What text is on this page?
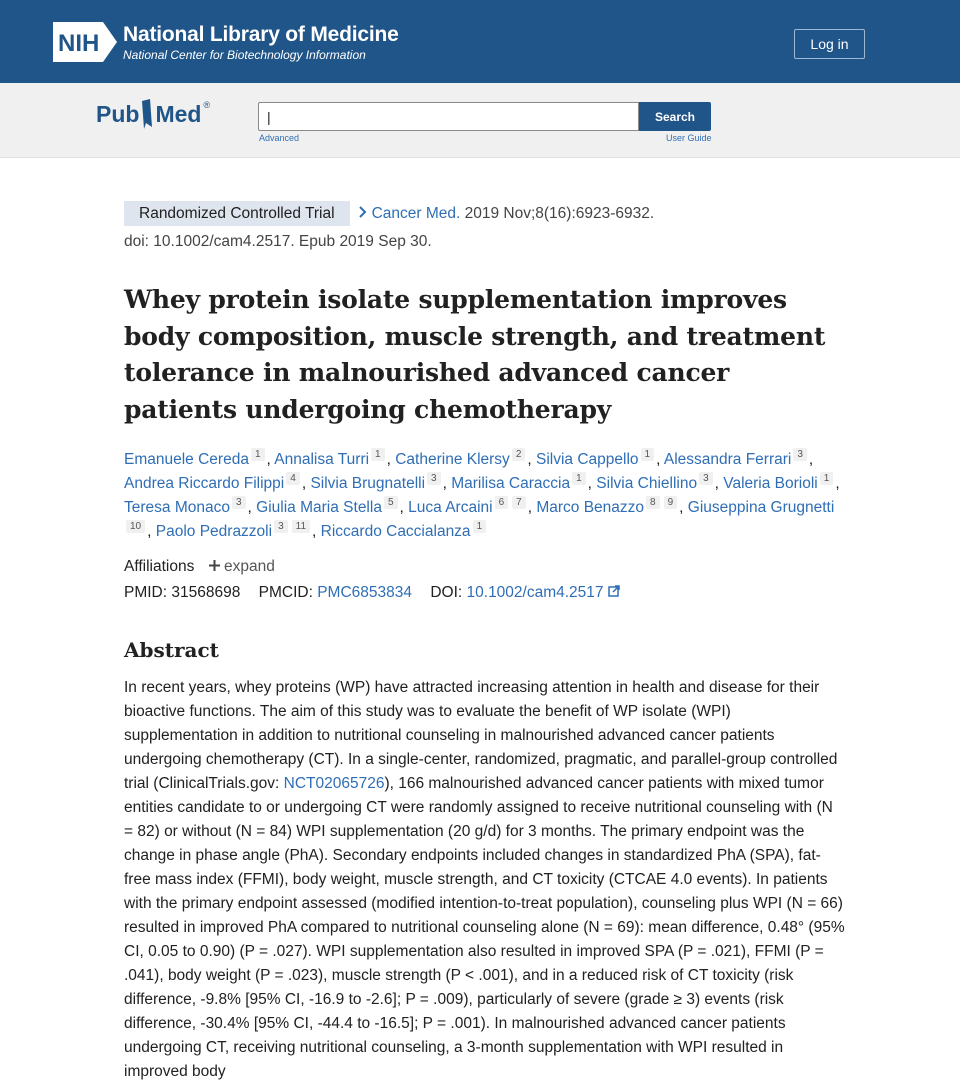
NIH National Library of Medicine
National Center for Biotechnology Information
Log in
Pub Med ®
|	Search
Advanced	User Guide
Randomized Controlled Trial Cancer Med. 2019 Nov;8(16):6923-6932.
doi: 10.1002/cam4.2517. Epub 2019 Sep 30.
Whey protein isolate supplementation improves body composition, muscle strength, and treatment tolerance in malnourished advanced cancer patients undergoing chemotherapy
Emanuele Cereda 1 , Annalisa Turri 1 , Catherine Klersy 2 , Silvia Cappello 1 , Alessandra Ferrari 3 , Andrea Riccardo Filippi 4 , Silvia Brugnatelli 3 , Marilisa Caraccia 1 , Silvia Chiellino 3 , Valeria Borioli 1 , Teresa Monaco 3 , Giulia Maria Stella 5 , Luca Arcaini 6 7 , Marco Benazzo 8 9 , Giuseppina Grugnetti10 , Paolo Pedrazzoli 3 11 , Riccardo Caccialanza 1
Affiliations expand
PMID: 31568698 PMCID: PMC6853834 DOI: 10.1002/cam4.2517
Abstract
In recent years, whey proteins (WP) have attracted increasing attention in health and disease for their bioactive functions. The aim of this study was to evaluate the benefit of WP isolate (WPI) supplementation in addition to nutritional counseling in malnourished advanced cancer patients undergoing chemotherapy (CT). In a single-center, randomized, pragmatic, and parallel-group controlled trial (ClinicalTrials.gov: NCT02065726), 166 malnourished advanced cancer patients with mixed tumor entities candidate to or undergoing CT were randomly assigned to receive nutritional counseling with (N = 82) or without (N = 84) WPI supplementation (20 g/d) for 3 months. The primary endpoint was the change in phase angle (PhA). Secondary endpoints included changes in standardized PhA (SPA), fat-free mass index (FFMI), body weight, muscle strength, and CT toxicity (CTCAE 4.0 events). In patients with the primary endpoint assessed (modified intention-to-treat population), counseling plus WPI (N = 66) resulted in improved PhA compared to nutritional counseling alone (N = 69): mean difference, 0.48° (95% CI, 0.05 to 0.90) (P = .027). WPI supplementation also resulted in improved SPA (P = .021), FFMI (P = .041), body weight (P = .023), muscle strength (P < .001), and in a reduced risk of CT toxicity (risk difference, -9.8% [95% CI, -16.9 to -2.6]; P = .009), particularly of severe (grade ≥ 3) events (risk difference, -30.4% [95% CI, -44.4 to -16.5]; P = .001). In malnourished advanced cancer patients undergoing CT, receiving nutritional counseling, a 3-month supplementation with WPI resulted in improved body
